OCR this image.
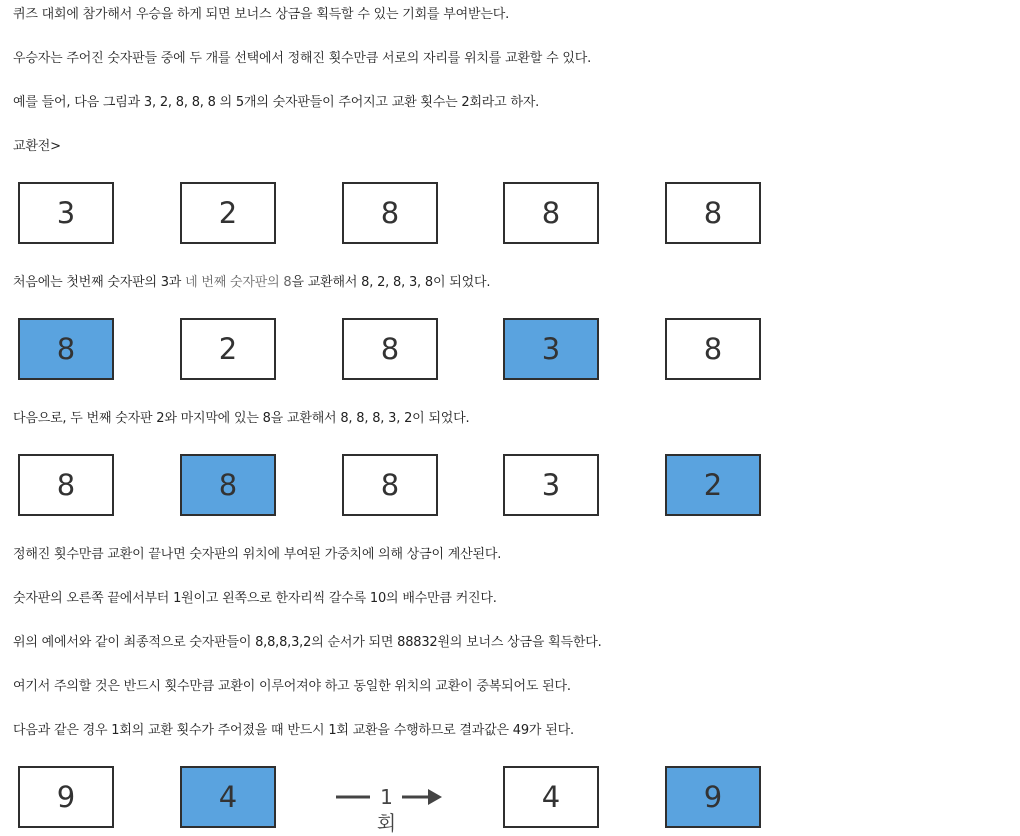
퀴즈 대회에 참가해서 우승을 하게 되면 보너스 상금을 획득할 수 있는 기회를 부여받는다.
우승자는 주어진 숫자판들 중에 두 개를 선택에서 정해진 횟수만큼 서로의 자리를 위치를 교환할 수 있다.
예를 들어, 다음 그림과 3, 2, 8, 8, 8 의 5개의 숫자판들이 주어지고 교환 횟수는 2회라고 하자.
교환전>
3	2	8	8	8
처음에는 첫번째 숫자판의 3과 네 번째 숫자판의 8을 교환해서 8, 2, 8, 3, 8이 되었다.
8	2	8	3	8
다음으로, 두 번째 숫자판 2와 마지막에 있는 8을 교환해서 8, 8, 8, 3, 2이 되었다.
8	8	8	3	2
정해진 횟수만큼 교환이 끝나면 숫자판의 위치에 부여된 가중치에 의해 상금이 계산된다.
숫자판의 오른쪽 끝에서부터 1원이고 왼쪽으로 한자리씩 갈수록 10의 배수만큼 커진다.
위의 예에서와 같이 최종적으로 숫자판들이 8,8,8,3,2의 순서가 되면 88832원의 보너스 상금을 획득한다.
여기서 주의할 것은 반드시 횟수만큼 교환이 이루어져야 하고 동일한 위치의 교환이 중복되어도 된다.
다음과 같은 경우 1회의 교환 횟수가 주어졌을 때 반드시 1회 교환을 수행하므로 결과값은 49가 된다.
9	4	1회
4	9
